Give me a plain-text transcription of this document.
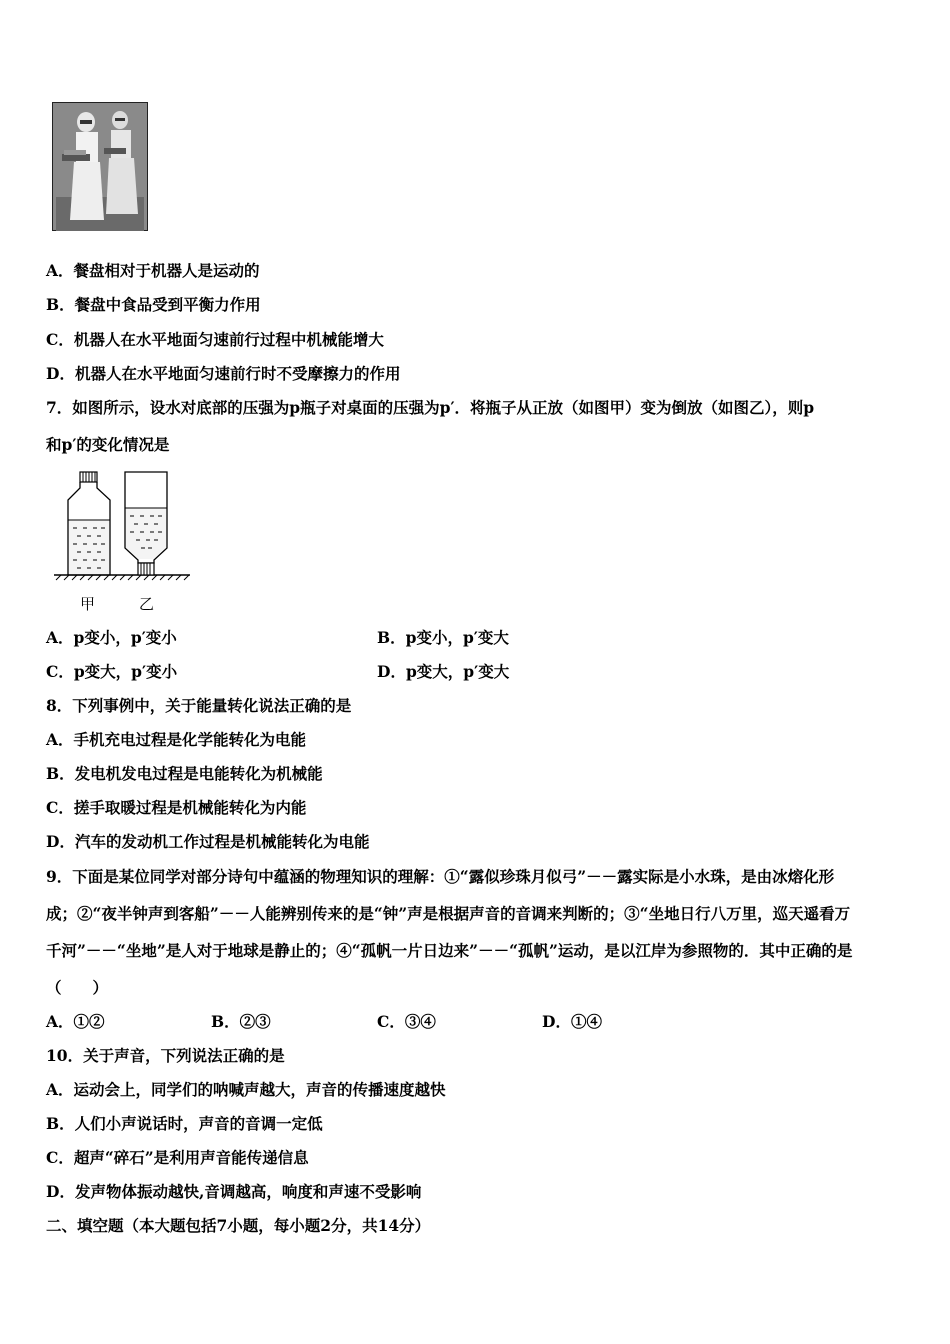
A．餐盘相对于机器人是运动的
B．餐盘中食品受到平衡力作用
C．机器人在水平地面匀速前行过程中机械能增大
D．机器人在水平地面匀速前行时不受摩擦力的作用
7．如图所示，设水对底部的压强为p瓶子对桌面的压强为p′．将瓶子从正放（如图甲）变为倒放（如图乙），则p
和p′的变化情况是
甲	乙
A．p变小，p′变小	B．p变小，p′变大
C．p变大，p′变小	D．p变大，p′变大
8．下列事例中，关于能量转化说法正确的是
A．手机充电过程是化学能转化为电能
B．发电机发电过程是电能转化为机械能
C．搓手取暖过程是机械能转化为内能
D．汽车的发动机工作过程是机械能转化为电能
9．下面是某位同学对部分诗句中蕴涵的物理知识的理解：①“露似珍珠月似弓”－－露实际是小水珠，是由冰熔化形
成；②“夜半钟声到客船”－－人能辨别传来的是“钟”声是根据声音的音调来判断的；③“坐地日行八万里，巡天遥看万
千河”－－“坐地”是人对于地球是静止的；④“孤帆一片日边来”－－“孤帆”运动，是以江岸为参照物的．其中正确的是
（　　）
A．①②	B．②③	C．③④	D．①④
10．关于声音，下列说法正确的是
A．运动会上，同学们的呐喊声越大，声音的传播速度越快
B．人们小声说话时，声音的音调一定低
C．超声“碎石”是利用声音能传递信息
D．发声物体振动越快,音调越高，响度和声速不受影响
二、填空题（本大题包括7小题，每小题2分，共14分）
